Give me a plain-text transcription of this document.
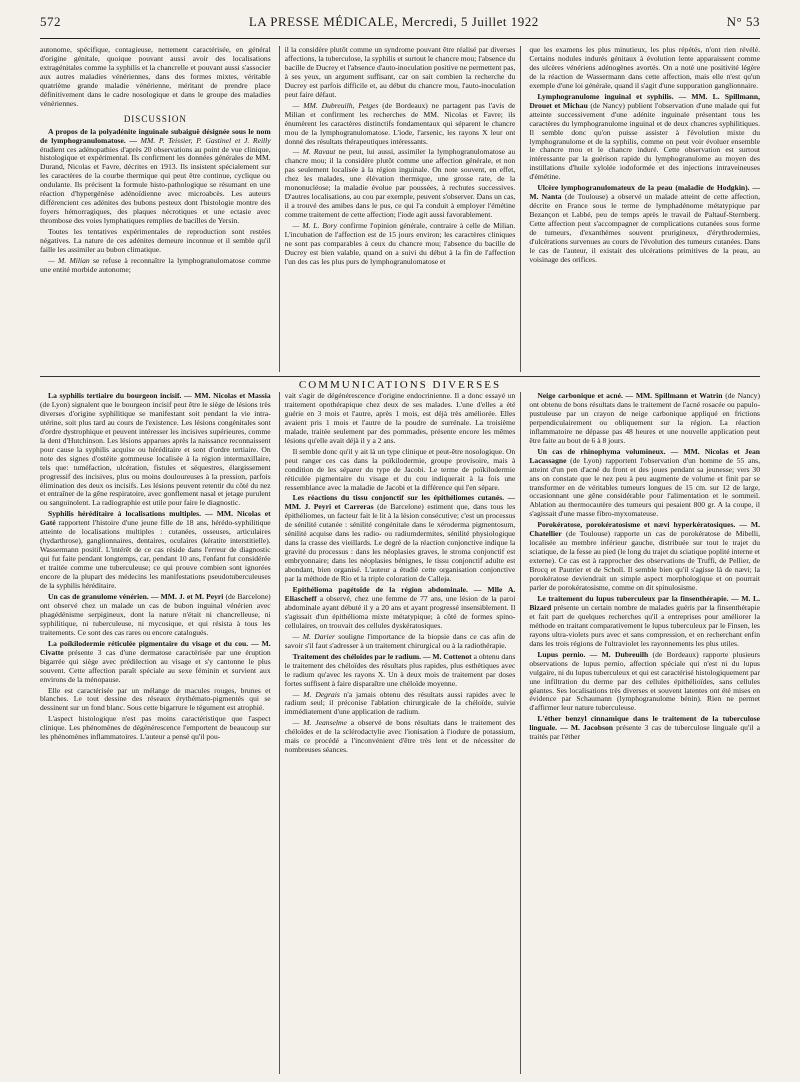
572	LA PRESSE MÉDICALE, Mercredi, 5 Juillet 1922	N° 53

autonome, spécifique, contagieuse, nettement caractérisée, en général d'origine génitale, quoique pouvant aussi avoir des localisations extragénitales comme la syphilis et la chancrelle et pouvant aussi s'associer aux autres maladies vénériennes, dans des formes mixtes, véritable quatrième grande maladie vénérienne, méritant de prendre place définitivement dans le cadre nosologique et dans le groupe des maladies vénériennes.

DISCUSSION

A propos de la polyadénite inguinale subaiguë désignée sous le nom de lymphogranulomatose. — MM. P. Teissier, P. Gastinel et J. Reilly étudient ces adénopathies d'après 20 observations au point de vue clinique, histologique et expérimental. Ils confirment les données générales de MM. Durand, Nicolas et Favre, décrites en 1913. Ils insistent spécialement sur les caractères de la courbe thermique qui peut être continue, cyclique ou ondulante. Ils précisent la formule histo-pathologique se résumant en une réaction d'hypergénèse adénoïdienne avec microabcès. Les auteurs différencient ces adénites des bubons pesteux dont l'histologie montre des foyers hémorragiques, des plaques nécrotiques et une ectasie avec thrombose des voies lymphatiques remplies de bacilles de Yersin.

Toutes les tentatives expérimentales de reproduction sont restées négatives. La nature de ces adénites demeure inconnue et il semble qu'il faille les assimiler au bubon climatique.

— M. Milian se refuse à reconnaître la lymphogranulomatose comme une entité morbide autonome;

il la considère plutôt comme un syndrome pouvant être réalisé par diverses affections, la tuberculose, la syphilis et surtout le chancre mou; l'absence du bacille de Ducrey et l'absence d'auto-inoculation positive ne permettent pas, à ses yeux, un argument suffisant, car on sait combien la recherche du Ducrey est parfois difficile et, au début du chancre mou, l'auto-inoculation peut faire défaut.

— MM. Dubreuilh, Petges (de Bordeaux) ne partagent pas l'avis de Milian et confirment les recherches de MM. Nicolas et Favre; ils énumèrent les caractères distinctifs fondamentaux qui séparent le chancre mou de la lymphogranulomatose. L'iode, l'arsenic, les rayons X leur ont donné des résultats thérapeutiques intéressants.

— M. Ravaut ne peut, lui aussi, assimiler la lymphogranulomatose au chancre mou; il la considère plutôt comme une affection générale, et non pas seulement localisée à la région inguinale. On note souvent, en effet, chez les malades, une élévation thermique, une grosse rate, de la mononucléose; la maladie évolue par poussées, à rechutes successives. D'autres localisations, au cou par exemple, peuvent s'observer. Dans un cas, il a trouvé des amibes dans le pus, ce qui l'a conduit à employer l'émétine comme traitement de cette affection; l'iode agit aussi favorablement.

— M. L. Bory confirme l'opinion générale, contraire à celle de Milian. L'incubation de l'affection est de 15 jours environ; les caractères cliniques ne sont pas comparables à ceux du chancre mou; l'absence du bacille de Ducrey est bien valable, quand on a suivi du début à la fin de l'affection l'un des cas les plus purs de lymphogranulomatose et

que les examens les plus minutieux, les plus répétés, n'ont rien révélé. Certains nodules indurés génitaux à évolution lente apparaissent comme des ulcères vénériens adénogènes avortés. On a noté une positivité légère de la réaction de Wassermann dans cette affection, mais elle n'est qu'un exemple d'une loi générale, quand il s'agit d'une suppuration ganglionnaire.

Lymphogranulome inguinal et syphilis. — MM. L. Spillmann, Drouet et Michau (de Nancy) publient l'observation d'une malade qui fut atteinte successivement d'une adénite inguinale présentant tous les caractères du lymphogranulome inguinal et de deux chancres syphilitiques. Il semble donc qu'on puisse assister à l'évolution mixte du lymphogranulome et de la syphilis, comme on peut voir évoluer ensemble le chancre mou et le chancre induré. Cette observation est surtout intéressante par la guérison rapide du lymphogranulome au moyen des instillations d'huile xylolée iodoformée et des injections intraveineuses d'émétine.

Ulcère lymphogranulomateux de la peau (maladie de Hodgkin). — M. Nanta (de Toulouse) a observé un malade atteint de cette affection, décrite en France sous le terme de lymphadénome métatypique par Bezançon et Labbé, peu de temps après le travail de Paltauf-Sternberg. Cette affection peut s'accompagner de complications cutanées sous forme de tumeurs, d'exanthèmes souvent prurigineux, d'érythrodermies, d'ulcérations survenues au cours de l'évolution des tumeurs cutanées. Dans le cas de l'auteur, il existait des ulcérations primitives de la peau, au voisinage des orifices.

COMMUNICATIONS DIVERSES

La syphilis tertiaire du bourgeon incisif. — MM. Nicolas et Massia (de Lyon) signalent que le bourgeon incisif peut être le siège de lésions très diverses d'origine syphilitique se manifestant soit pendant la vie intra-utérine, soit plus tard au cours de l'existence. Les lésions congénitales sont d'ordre dystrophique et peuvent intéresser les incisives supérieures, comme la dent d'Hutchinson. Les lésions apparues après la naissance reconnaissent pour cause la syphilis acquise ou héréditaire et sont d'ordre tertiaire. On note des signes d'ostéite gommeuse localisée à la région intermaxillaire, tels que: tuméfaction, ulcération, fistules et séquestres, élargissement progressif des incisives, plus ou moins douloureuses à la pression, parfois élimination des deux os incisifs. Les lésions peuvent retentir du côté du nez et entraîner de la gêne respiratoire, avec gonflement nasal et jetage purulent ou sanguinolent. La radiographie est utile pour faire le diagnostic.

Syphilis héréditaire à localisations multiples. — MM. Nicolas et Gaté rapportent l'histoire d'une jeune fille de 18 ans, hérédo-syphilitique atteinte de localisations multiples : cutanées, osseuses, articulaires (hydarthrose), ganglionnaires, dentaires, oculaires (kératite interstitielle). Wassermann positif. L'intérêt de ce cas réside dans l'erreur de diagnostic qui fut faite pendant longtemps, car, pendant 10 ans, l'enfant fut considérée et traitée comme une tuberculeuse; ce qui prouve combien sont ignorées encore de la plupart des médecins les manifestations pseudotuberculeuses de la syphilis héréditaire.

Un cas de granulome vénérien. — MM. J. et M. Peyri (de Barcelone) ont observé chez un malade un cas de bubon inguinal vénérien avec phagédénisme serpigineux, dont la nature n'était ni chancrelleuse, ni syphilitique, ni tuberculeuse, ni mycosique, et qui résista à tous les traitements. Ce sont des cas rares ou encore catalogués.

La poïkilodermie réticulée pigmentaire du visage et du cou. — M. Civatte présente 3 cas d'une dermatose caractérisée par une éruption bigarrée qui siège avec prédilection au visage et s'y cantonne le plus souvent. Cette affection paraît spéciale au sexe féminin et survient aux environs de la ménopause.

Elle est caractérisée par un mélange de macules rouges, brunes et blanches. Le tout dessine des réseaux érythémato-pigmentés qui se dessinent sur un fond blanc. Sous cette bigarrure le tégument est atrophié.

L'aspect histologique n'est pas moins caractéristique que l'aspect clinique. Les phénomènes de dégénérescence l'emportent de beaucoup sur les phénomènes inflammatoires. L'auteur a pensé qu'il pou-

vait s'agir de dégénérescence d'origine endocrinienne. Il a donc essayé un traitement opothérapique chez deux de ses malades. L'une d'elles a été guérie en 3 mois et l'autre, après 1 mois, est déjà très améliorée. Elles avaient pris 1 mois et l'autre de la poudre de surrénale. La troisième malade, traitée seulement par des pommades, présente encore les mêmes lésions qu'elle avait déjà il y a 2 ans.

Il semble donc qu'il y ait là un type clinique et peut-être nosologique. On peut ranger ces cas dans la poïkilodermie, groupe provisoire, mais à condition de les séparer du type de Jacobi. Le terme de poïkilodermie réticulée pigmentaire du visage et du cou indiquerait à la fois une ressemblance avec la maladie de Jacobi et la différence qui l'en sépare.

Les réactions du tissu conjonctif sur les épithéliomes cutanés. — MM. J. Peyri et Carreras (de Barcelone) estiment que, dans tous les épithéliomes, un facteur fait le lit à la lésion consécutive; c'est un processus de sénilité cutanée : sénilité congénitale dans le xéroderma pigmentosum, sénilité acquise dans les radio- ou radiumdermites, sénilité physiologique dans la crasse des vieillards. Le degré de la réaction conjonctive indique la gravité du processus : dans les néoplasies graves, le stroma conjonctif est embryonnaire; dans les néoplasies bénignes, le tissu conjonctif adulte est abondant, bien organisé. L'auteur a étudié cette organisation conjonctive par la méthode de Rio et la triple coloration de Calleja.

Epithélioma pagétoïde de la région abdominale. — Mlle A. Eliascheff a observé, chez une femme de 77 ans, une lésion de la paroi abdominale ayant débuté il y a 20 ans et ayant progressé insensiblement. Il s'agissait d'un épithélioma mixte métatypique; à côté de formes spino-cellulaires, on trouvait des cellules dyskératosiques.

— M. Darier souligne l'importance de la biopsie dans ce cas afin de savoir s'il faut s'adresser à un traitement chirurgical ou à la radiothérapie.

Traitement des chéloïdes par le radium. — M. Cottenot a obtenu dans le traitement des chéloïdes des résultats plus rapides, plus esthétiques avec le radium qu'avec les rayons X. Un à deux mois de traitement par doses fortes suffisent à faire disparaître une chéloïde moyenne.

— M. Degrais n'a jamais obtenu des résultats aussi rapides avec le radium seul; il préconise l'ablation chirurgicale de la chéloïde, suivie immédiatement d'une application de radium.

— M. Jeanselme a observé de bons résultats dans le traitement des chéloïdes et de la sclérodactylie avec l'ionisation à l'iodure de potassium, mais ce procédé a l'inconvénient d'être très lent et de nécessiter de nombreuses séances.

Neige carbonique et acné. — MM. Spillmann et Watrin (de Nancy) ont obtenu de bons résultats dans le traitement de l'acné rosacée ou papulo-pustuleuse par un crayon de neige carbonique appliqué en frictions perpendiculairement ou obliquement sur la région. La réaction inflammatoire ne dépasse pas 48 heures et une nouvelle application peut être faite au bout de 6 à 8 jours.

Un cas de rhinophyma volumineux. — MM. Nicolas et Jean Lacassagne (de Lyon) rapportent l'observation d'un homme de 55 ans, atteint d'un pen d'acné du front et des joues pendant sa jeunesse; vers 30 ans on constate que le nez peu à peu augmente de volume et finit par se transformer en de véritables tumeurs longues de 15 cm. sur 12 de large, occasionnant une gêne considérable pour l'alimentation et le sommeil. Ablation au thermocautère des tumeurs qui pesaient 800 gr. A la coupe, il s'agissait d'une masse fibro-myxomateuse.

Porokératose, porokératosisme et nævi hyperkératosiques. — M. Chatellier (de Toulouse) rapporte un cas de porokératose de Mibelli, localisée au membre inférieur gauche, distribuée sur tout le trajet du sciatique, de la fesse au pied (le long du trajet du sciatique poplité interne et externe). Ce cas est à rapprocher des observations de Truffi, de Pellier, de Brocq et Pautrier et de Scholl. Il semble bien qu'il s'agisse là de nævi; la porokératose deviendrait un simple aspect morphologique et on pourrait parler de porokératosisme, comme on dit spinulosisme.

Le traitement du lupus tuberculeux par la finsenthérapie. — M. L. Bizard présente un certain nombre de malades guéris par la finsenthérapie et fait part de quelques recherches qu'il a entreprises pour améliorer la méthode en traitant comparativement le lupus tuberculeux par le Finsen, les rayons ultra-violets purs avec et sans compression, et en recherchant enfin dans les trois régions de l'ultraviolet les rayonnements les plus utiles.

Lupus pernio. — M. Dubreuilh (de Bordeaux) rapporte plusieurs observations de lupus pernio, affection spéciale qui n'est ni du lupus vulgaire, ni du lupus tuberculeux et qui est caractérisé histologiquement par une infiltration du derme par des cellules épithélioïdes, sans cellules géantes. Ses localisations très diverses et souvent latentes ont été mises en évidence par Schaumann (lymphogranulome bénin). Rien ne permet d'affirmer leur nature tuberculeuse.

L'éther benzyl cinnamique dans le traitement de la tuberculose linguale. — M. Jacobson présente 3 cas de tuberculose linguale qu'il a traités par l'éther
